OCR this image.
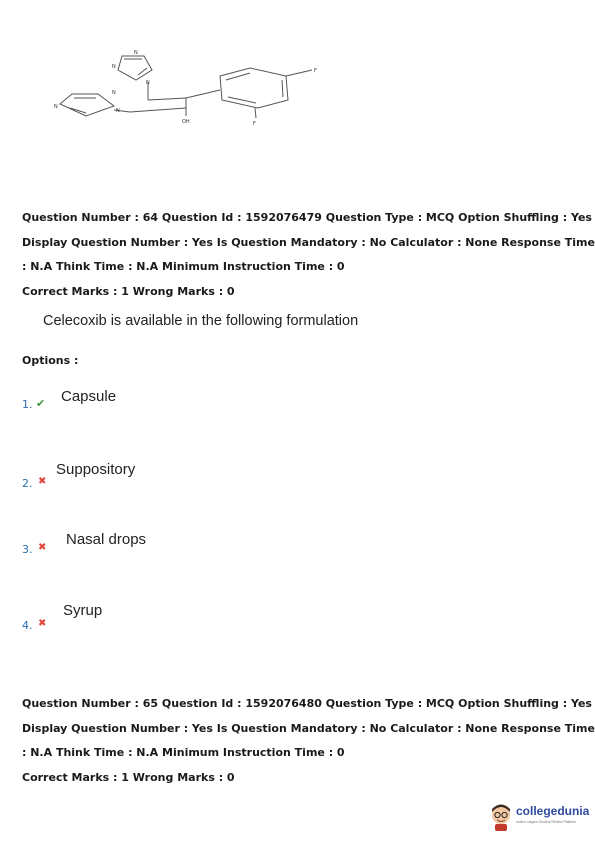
N
N
N
N
N
N
OH
F
F
Question Number : 64 Question Id : 1592076479 Question Type : MCQ Option Shuffling : Yes
Display Question Number : Yes Is Question Mandatory : No Calculator : None Response Time
: N.A Think Time : N.A Minimum Instruction Time : 0
Correct Marks : 1 Wrong Marks : 0
Celecoxib is available in the following formulation
Options :
1. ✔ Capsule
2. ✖
Suppository
3. ✖ Nasal drops
4. ✖
Syrup
Question Number : 65 Question Id : 1592076480 Question Type : MCQ Option Shuffling : Yes
Display Question Number : Yes Is Question Mandatory : No Calculator : None Response Time
: N.A Think Time : N.A Minimum Instruction Time : 0
Correct Marks : 1 Wrong Marks : 0
collegedunia
India's Largest Student Review Platform
